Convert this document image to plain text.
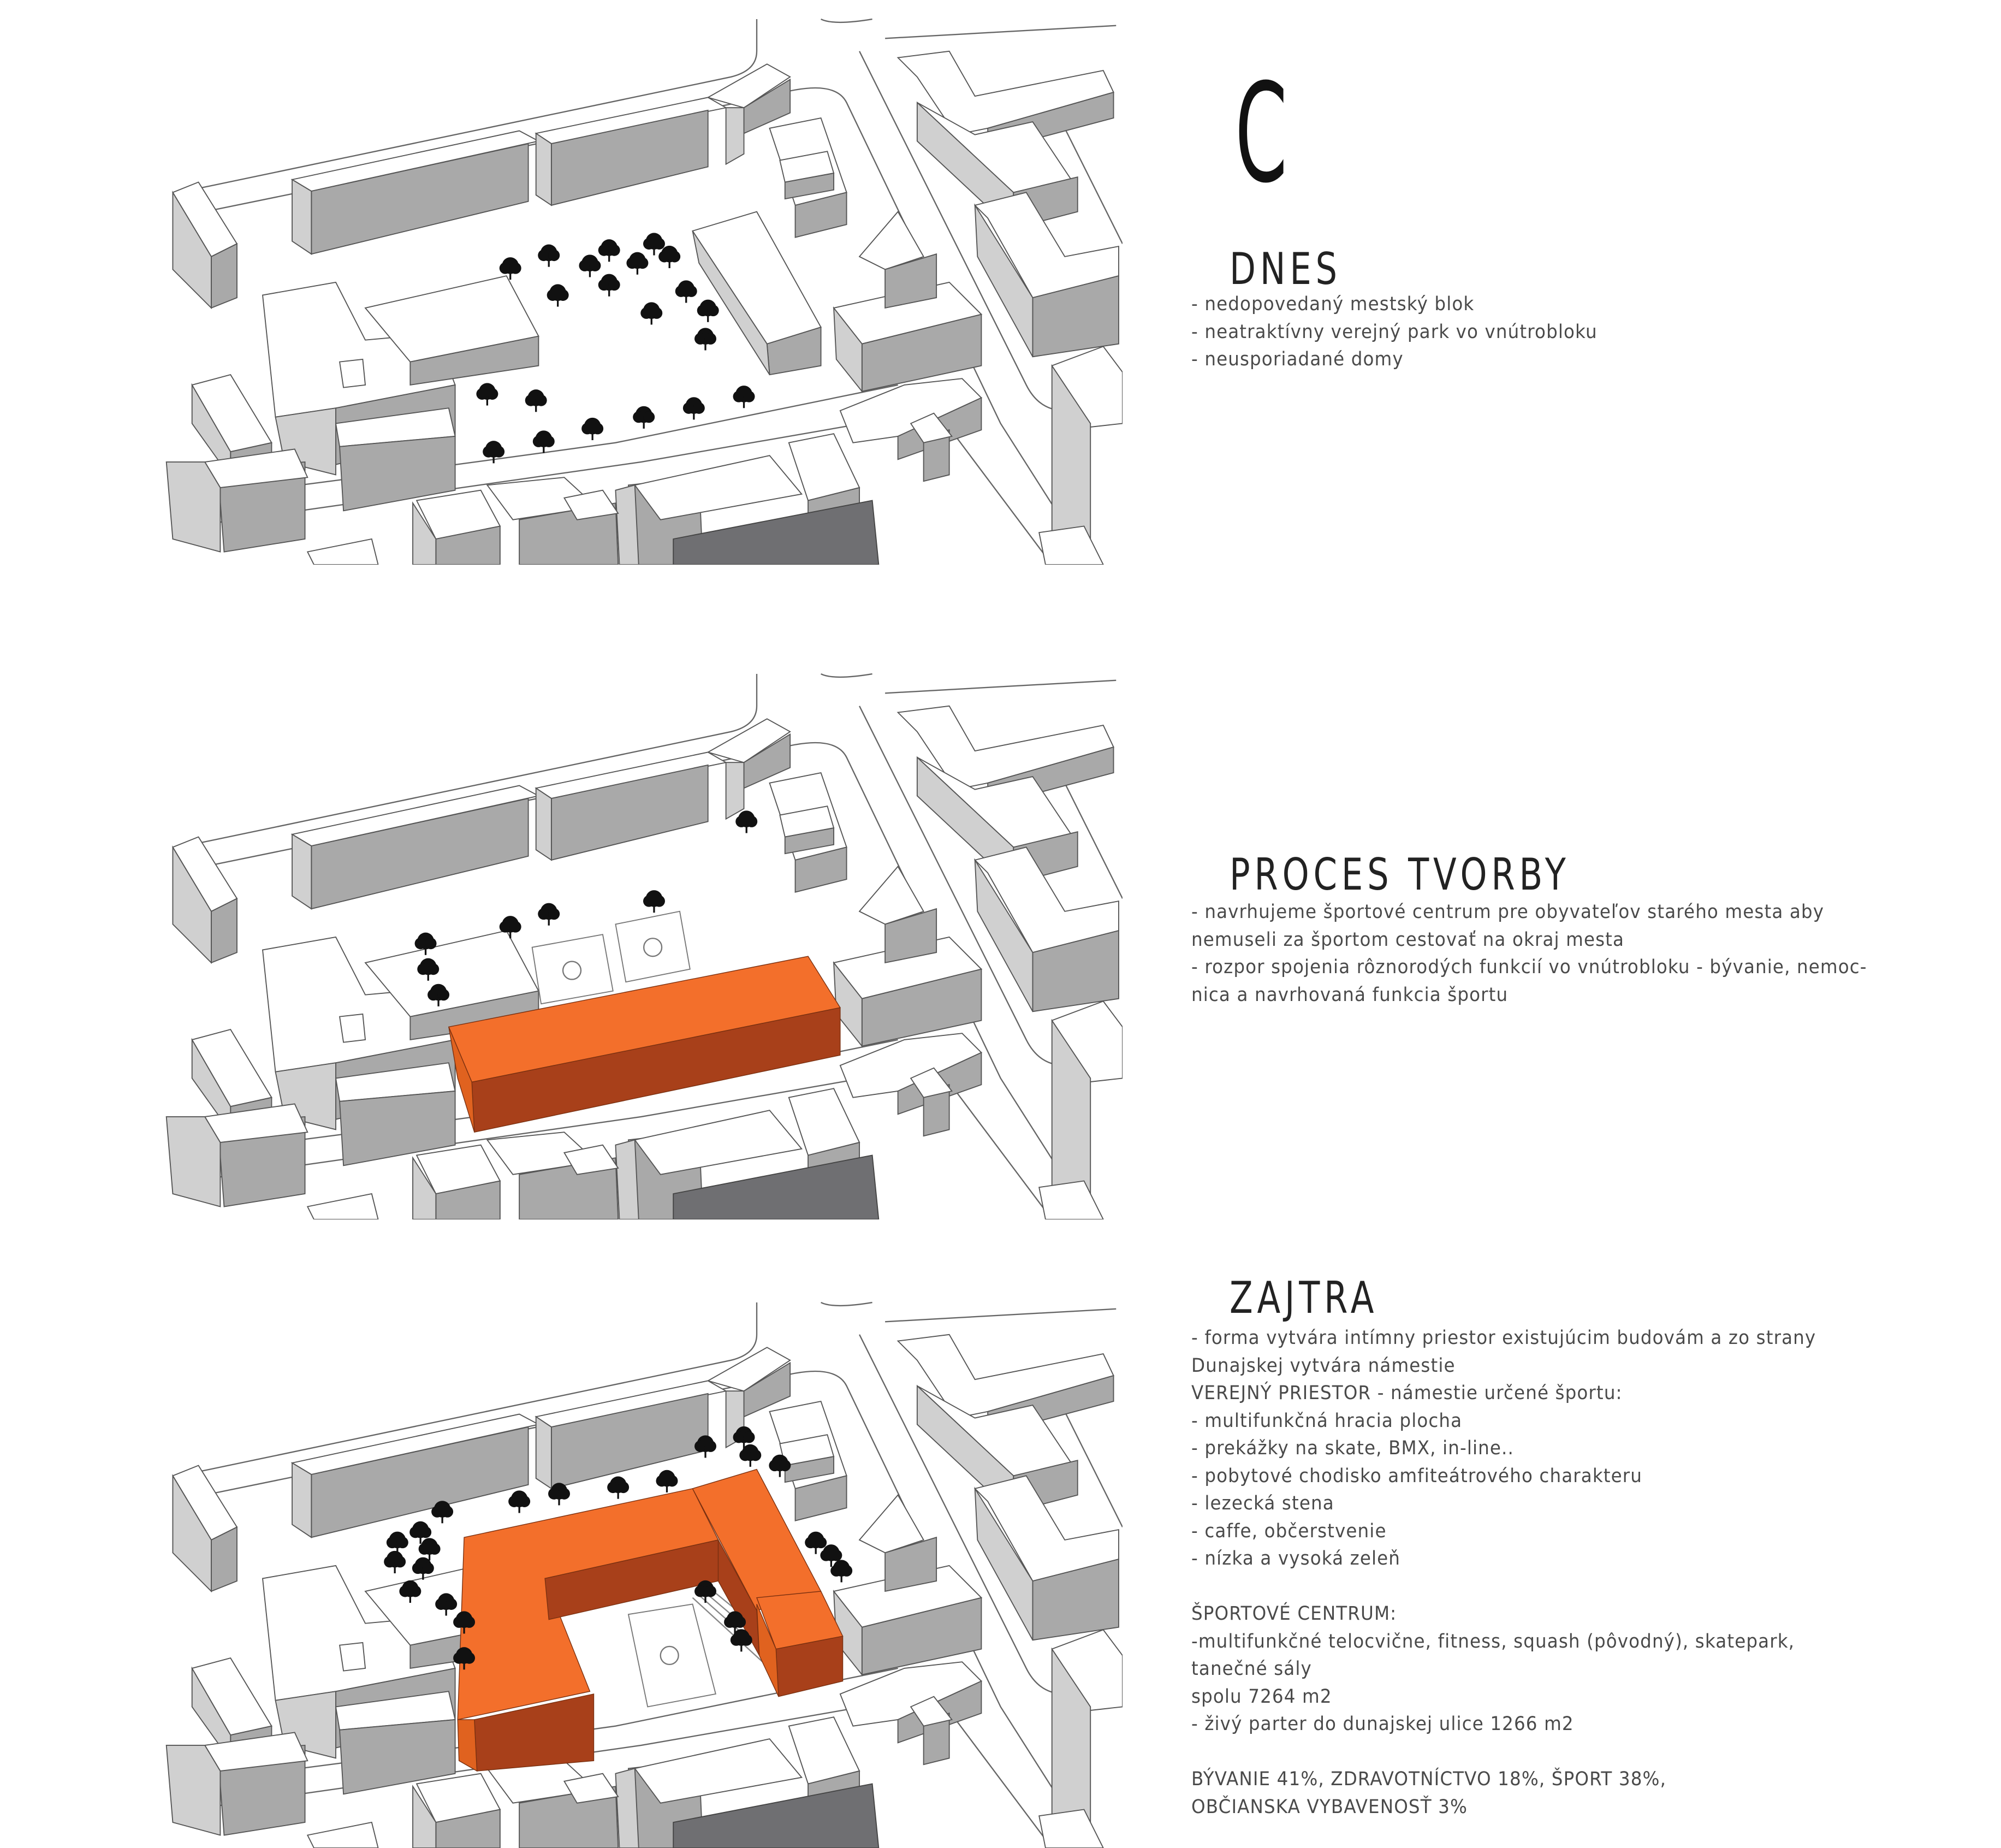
C
DNES
- nedopovedaný mestský blok
- neatraktívny verejný park vo vnútrobloku
- neusporiadané domy
PROCES TVORBY
- navrhujeme športové centrum pre obyvateľov starého mesta aby
nemuseli za športom cestovať na okraj mesta
- rozpor spojenia rôznorodých funkcií vo vnútrobloku - bývanie, nemoc-
nica a navrhovaná funkcia športu
ZAJTRA
- forma vytvára intímny priestor existujúcim budovám a zo strany
Dunajskej vytvára námestie
VEREJNÝ PRIESTOR - námestie určené športu:
- multifunkčná hracia plocha
- prekážky na skate, BMX, in-line..
- pobytové chodisko amfiteátrového charakteru
- lezecká stena
- caffe, občerstvenie
- nízka a vysoká zeleň
ŠPORTOVÉ CENTRUM:
-multifunkčné telocvične, fitness, squash (pôvodný), skatepark,
tanečné sály
spolu 7264 m2
- živý parter do dunajskej ulice 1266 m2
BÝVANIE 41%, ZDRAVOTNÍCTVO 18%, ŠPORT 38%,
OBČIANSKA VYBAVENOSŤ 3%
